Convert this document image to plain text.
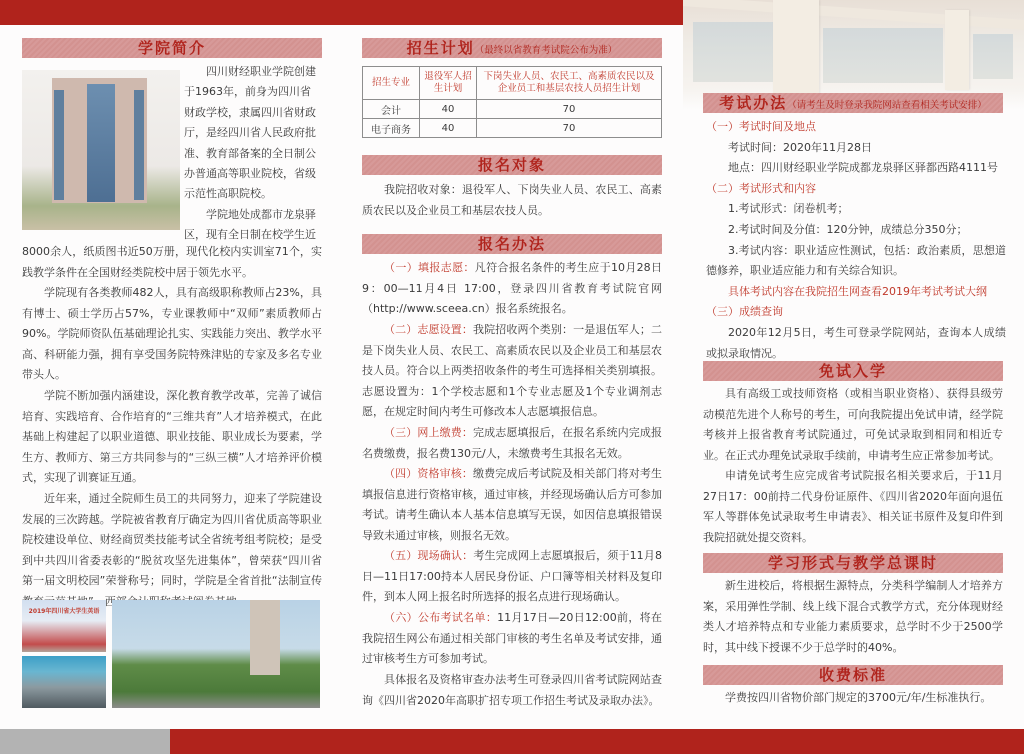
学院简介
四川财经职业学院创建
于1963年，前身为四川省
财政学校，隶属四川省财政
厅，是经四川省人民政府批
准、教育部备案的全日制公
办普通高等职业院校，省级
示范性高职院校。
学院地处成都市龙泉驿
区，现有全日制在校学生近
8000余人，纸质图书近50万册，现代化校内实训室71个，实践教学条件在全国财经类院校中居于领先水平。
学院现有各类教师482人，具有高级职称教师占23%，具有博士、硕士学历占57%，专业课教师中“双师”素质教师占90%。学院师资队伍基础理论扎实、实践能力突出、教学水平高、科研能力强，拥有享受国务院特殊津贴的专家及多名专业带头人。
学院不断加强内涵建设，深化教育教学改革，完善了诚信培育、实践培育、合作培育的“三维共育”人才培养模式，在此基础上构建起了以职业道德、职业技能、职业成长为要素，学生方、教师方、第三方共同参与的“三纵三横”人才培养评价模式，实现了训赛证互通。
近年来，通过全院师生员工的共同努力，迎来了学院建设发展的三次跨越。学院被省教育厅确定为四川省优质高等职业院校建设单位、财经商贸类技能考试全省统考组考院校；是受到中共四川省委表彰的“脱贫攻坚先进集体”，曾荣获“四川省第一届文明校园”荣誉称号；同时，学院是全省首批“法制宣传 西
2019年四川省大学生英语
招生计划（最终以省教育考试院公布为准）
招生专业	退役军人招生计划	下岗失业人员、农民工、高素质农民以及企业员工和基层农技人员招生计划
会计	40	70
电子商务	40	70
报名对象
我院招收对象：退役军人、下岗失业人员、农民工、高素质农民以及企业员工和基层农技人员。
报名办法
（一）填报志愿：凡符合报名条件的考生应于10月28日9：00—11月4日 17:00，登录四川省教育考试院官网（http://www.sceea.cn）报名系统报名。
（二）志愿设置：我院招收两个类别：一是退伍军人；二是下岗失业人员、农民工、高素质农民以及企业员工和基层农技人员。符合以上两类招收条件的考生可选择相关类别填报。志愿设置为：1个学校志愿和1个专业志愿及1个专业调剂志愿，在规定时间内考生可修改本人志愿填报信息。
（三）网上缴费：完成志愿填报后，在报名系统内完成报名费缴费，报名费130元/人，未缴费考生其报名无效。
（四）资格审核：缴费完成后考试院及相关部门将对考生填报信息进行资格审核，通过审核，并经现场确认后方可参加考试。请考生确认本人基本信息填写无误，如因信息填报错误导致未通过审核，则报名无效。
（五）现场确认：考生完成网上志愿填报后，须于11月8日—11日17:00持本人居民身份证、户口簿等相关材料及复印件，到本人网上报名时所选择的报名点进行现场确认。
（六）公布考试名单：11月17日—20日12:00前，将在我院招生网公布通过相关部门审核的考生名单及考试安排，通过审核考生方可参加考试。
具体报名及资格审查办法考生可登录四川省考试院网站查询《四川省2020年高职扩招专项工作招生考试及录取办法》。
考试办法（请考生及时登录我院网站查看相关考试安排）
（一）考试时间及地点
考试时间：2020年11月28日
地点：四川财经职业学院成都龙泉驿区驿都西路4111号
（二）考试形式和内容
1.考试形式：闭卷机考；
2.考试时间及分值：120分钟，成绩总分350分；
3.考试内容：职业适应性测试，包括：政治素质，思想道德修养，职业适应能力和有关综合知识。
具体考试内容在我院招生网查看2019年考试考试大纲
（三）成绩查询
2020年12月5日，考生可登录学院网站，查询本人成绩或拟录取情况。
免试入学
具有高级工或技师资格（或相当职业资格）、获得县级劳动模范先进个人称号的考生，可向我院提出免试申请，经学院考核并上报省教育考试院通过，可免试录取到相同和相近专业。在正式办理免试录取手续前，申请考生应正常参加考试。
申请免试考生应完成省考试院报名相关要求后，于11月27日17：00前持二代身份证原件、《四川省2020年面向退伍军人等群体免试录取考生申请表》、相关证书原件及复印件到我院招就处提交资料。
学习形式与教学总课时
新生进校后，将根据生源特点，分类科学编制人才培养方案，采用弹性学制、线上线下混合式教学方式，充分体现财经类人才培养特点和专业能力素质要求，总学时不少于2500学时，其中线下授课不少于总学时的40%。
收费标准
学费按四川省物价部门规定的3700元/年/生标准执行。
